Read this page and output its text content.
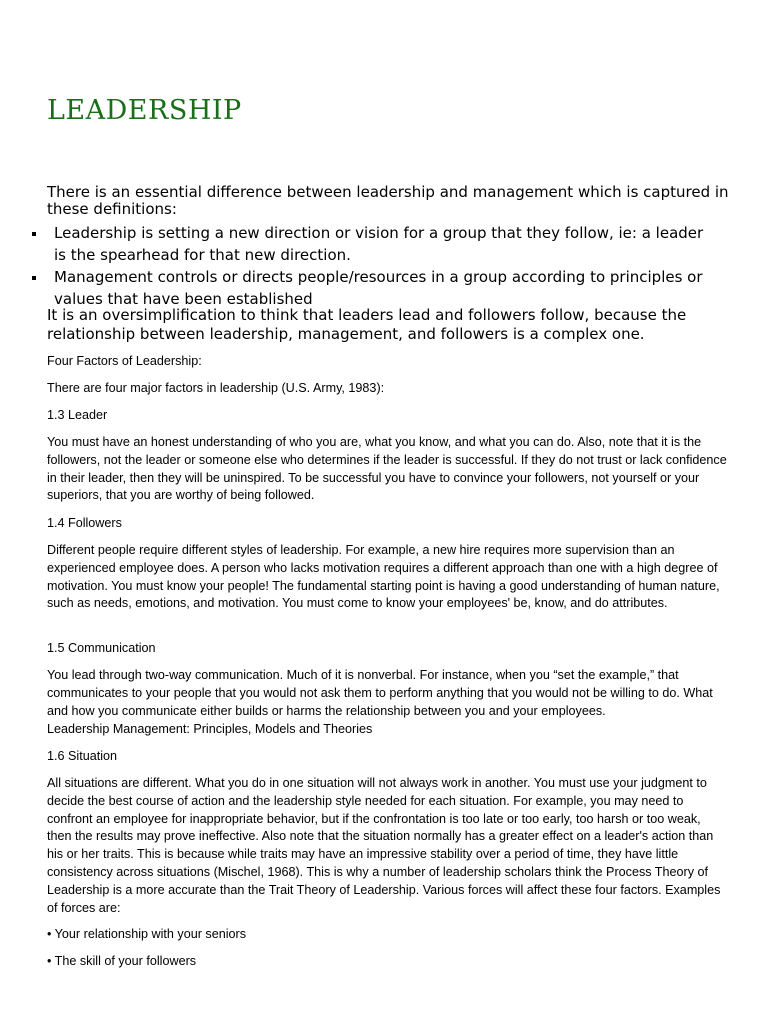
LEADERSHIP

There is an essential difference between leadership and management which is captured in these definitions:

Leadership is setting a new direction or vision for a group that they follow, ie: a leader is the spearhead for that new direction.
Management controls or directs people/resources in a group according to principles or values that have been established

It is an oversimplification to think that leaders lead and followers follow, because the relationship between leadership, management, and followers is a complex one.

Four Factors of Leadership:

There are four major factors in leadership (U.S. Army, 1983):

1.3 Leader

You must have an honest understanding of who you are, what you know, and what you can do. Also, note that it is the followers, not the leader or someone else who determines if the leader is successful. If they do not trust or lack confidence in their leader, then they will be uninspired. To be successful you have to convince your followers, not yourself or your superiors, that you are worthy of being followed.

1.4 Followers

Different people require different styles of leadership. For example, a new hire requires more supervision than an experienced employee does. A person who lacks motivation requires a different approach than one with a high degree of motivation. You must know your people! The fundamental starting point is having a good understanding of human nature, such as needs, emotions, and motivation. You must come to know your employees' be, know, and do attributes.

1.5 Communication

You lead through two-way communication. Much of it is nonverbal. For instance, when you “set the example,” that communicates to your people that you would not ask them to perform anything that you would not be willing to do. What and how you communicate either builds or harms the relationship between you and your employees.

Leadership Management: Principles, Models and Theories

1.6 Situation

All situations are different. What you do in one situation will not always work in another. You must use your judgment to decide the best course of action and the leadership style needed for each situation. For example, you may need to confront an employee for inappropriate behavior, but if the confrontation is too late or too early, too harsh or too weak, then the results may prove ineffective. Also note that the situation normally has a greater effect on a leader's action than his or her traits. This is because while traits may have an impressive stability over a period of time, they have little consistency across situations (Mischel, 1968). This is why a number of leadership scholars think the Process Theory of Leadership is a more accurate than the Trait Theory of Leadership. Various forces will affect these four factors. Examples of forces are:

• Your relationship with your seniors

• The skill of your followers
